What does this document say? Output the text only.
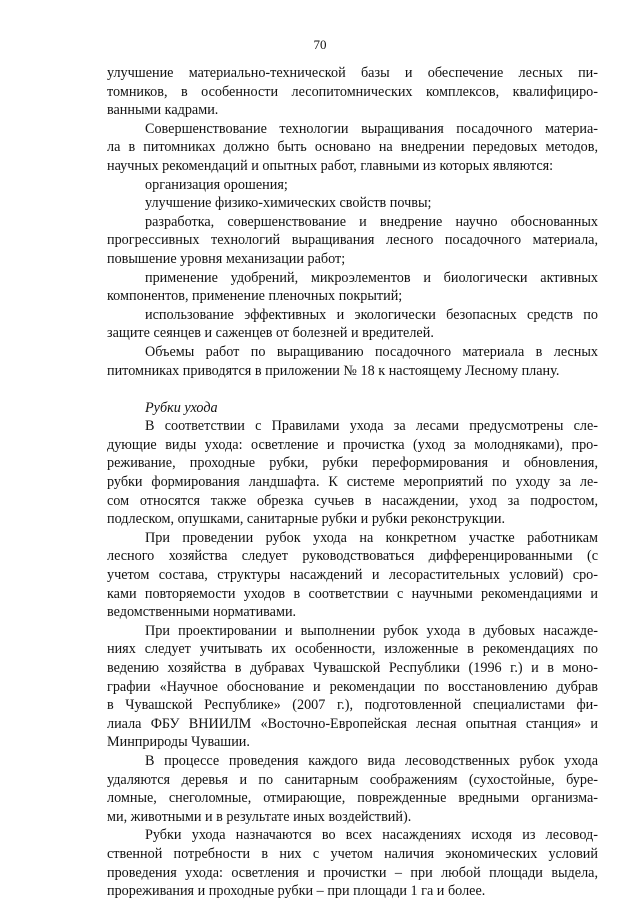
70
улучшение материально-технической базы и обеспечение лесных пи-
томников, в особенности лесопитомнических комплексов, квалифициро-
ванными кадрами.
Совершенствование технологии выращивания посадочного материа-
ла в питомниках должно быть основано на внедрении передовых методов,
научных рекомендаций и опытных работ, главными из которых являются:
организация орошения;
улучшение физико-химических свойств почвы;
разработка, совершенствование и внедрение научно обоснованных
прогрессивных технологий выращивания лесного посадочного материала,
повышение уровня механизации работ;
применение удобрений, микроэлементов и биологически активных
компонентов, применение пленочных покрытий;
использование эффективных и экологически безопасных средств по
защите сеянцев и саженцев от болезней и вредителей.
Объемы работ по выращиванию посадочного материала в лесных
питомниках приводятся в приложении № 18 к настоящему Лесному плану.
Рубки ухода
В соответствии с Правилами ухода за лесами предусмотрены сле-
дующие виды ухода: осветление и прочистка (уход за молодняками), про-
реживание, проходные рубки, рубки переформирования и обновления,
рубки формирования ландшафта. К системе мероприятий по уходу за ле-
сом относятся также обрезка сучьев в насаждении, уход за подростом,
подлеском, опушками, санитарные рубки и рубки реконструкции.
При проведении рубок ухода на конкретном участке работникам
лесного хозяйства следует руководствоваться дифференцированными (с
учетом состава, структуры насаждений и лесорастительных условий) сро-
ками повторяемости уходов в соответствии с научными рекомендациями и
ведомственными нормативами.
При проектировании и выполнении рубок ухода в дубовых насажде-
ниях следует учитывать их особенности, изложенные в рекомендациях по
ведению хозяйства в дубравах Чувашской Республики (1996 г.) и в моно-
графии «Научное обоснование и рекомендации по восстановлению дубрав
в Чувашской Республике» (2007 г.), подготовленной специалистами фи-
лиала ФБУ ВНИИЛМ «Восточно-Европейская лесная опытная станция» и
Минприроды Чувашии.
В процессе проведения каждого вида лесоводственных рубок ухода
удаляются деревья и по санитарным соображениям (сухостойные, буре-
ломные, снеголомные, отмирающие, поврежденные вредными организма-
ми, животными и в результате иных воздействий).
Рубки ухода назначаются во всех насаждениях исходя из лесовод-
ственной потребности в них с учетом наличия экономических условий
проведения ухода: осветления и прочистки – при любой площади выдела,
прореживания и проходные рубки – при площади 1 га и более.
